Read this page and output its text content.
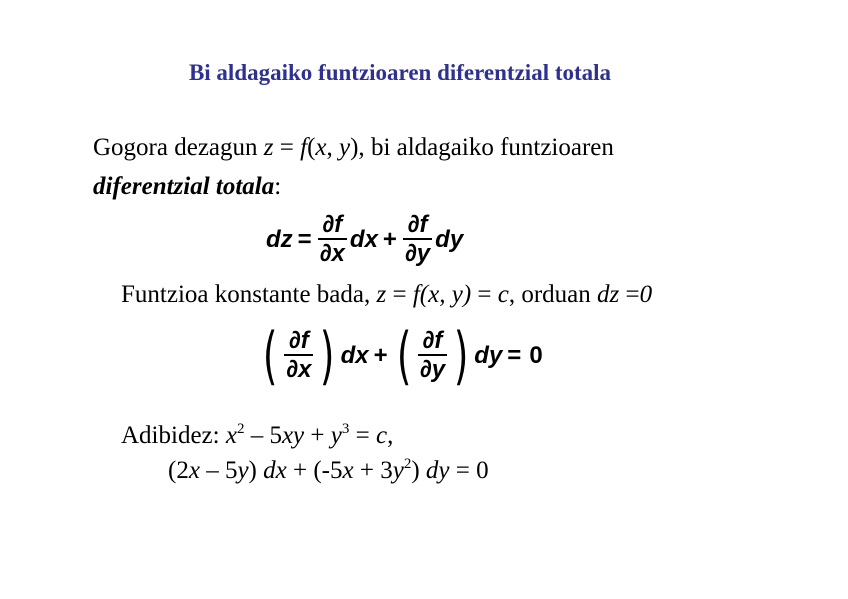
Bi aldagaiko funtzioaren diferentzial totala
Gogora dezagun z = f(x, y), bi aldagaiko funtzioaren
diferentzial totala:
dz = $\frac{\partial f}{\partial x}$ dx + $\frac{\partial f}{\partial y}$ dy
Funtzioa konstante bada, z = f(x, y) = c, orduan dz =0
( $\frac{\partial f}{\partial x}$ ) dx + ( $\frac{\partial f}{\partial y}$ ) dy = 0
Adibidez: $x^2 - 5xy + y^3 = c$,
(2x – 5y) dx + $(-5x + 3y^2)$ dy = 0
